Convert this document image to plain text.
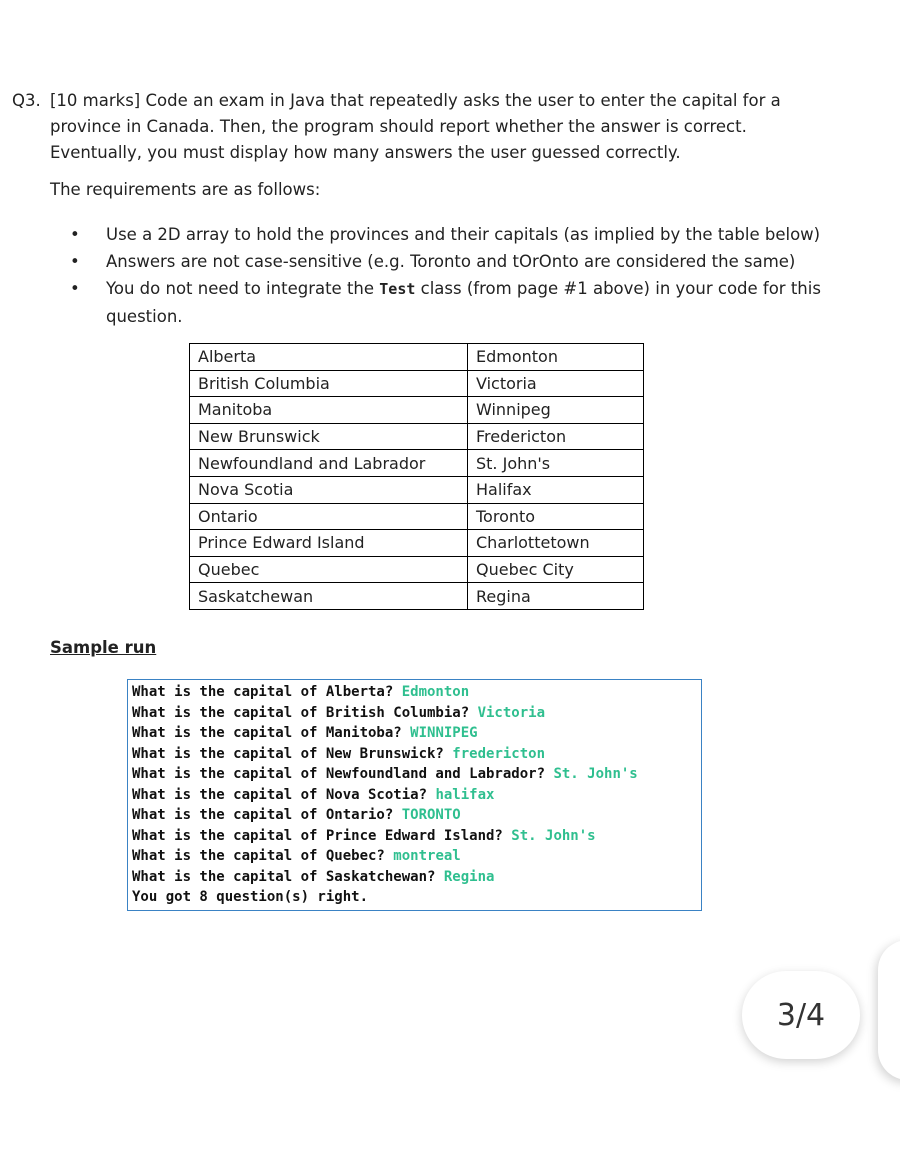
Q3. [10 marks] Code an exam in Java that repeatedly asks the user to enter the capital for a province in Canada. Then, the program should report whether the answer is correct. Eventually, you must display how many answers the user guessed correctly.
The requirements are as follows:
• Use a 2D array to hold the provinces and their capitals (as implied by the table below)
• Answers are not case-sensitive (e.g. Toronto and tOrOnto are considered the same)
• You do not need to integrate the Test class (from page #1 above) in your code for this question.
Alberta	Edmonton
British Columbia	Victoria
Manitoba	Winnipeg
New Brunswick	Fredericton
Newfoundland and Labrador	St. John's
Nova Scotia	Halifax
Ontario	Toronto
Prince Edward Island	Charlottetown
Quebec	Quebec City
Saskatchewan	Regina
Sample run
What is the capital of Alberta? Edmonton
What is the capital of British Columbia? Victoria
What is the capital of Manitoba? WINNIPEG
What is the capital of New Brunswick? fredericton
What is the capital of Newfoundland and Labrador? St. John's
What is the capital of Nova Scotia? halifax
What is the capital of Ontario? TORONTO
What is the capital of Prince Edward Island? St. John's
What is the capital of Quebec? montreal
What is the capital of Saskatchewan? Regina
You got 8 question(s) right.
3/4
